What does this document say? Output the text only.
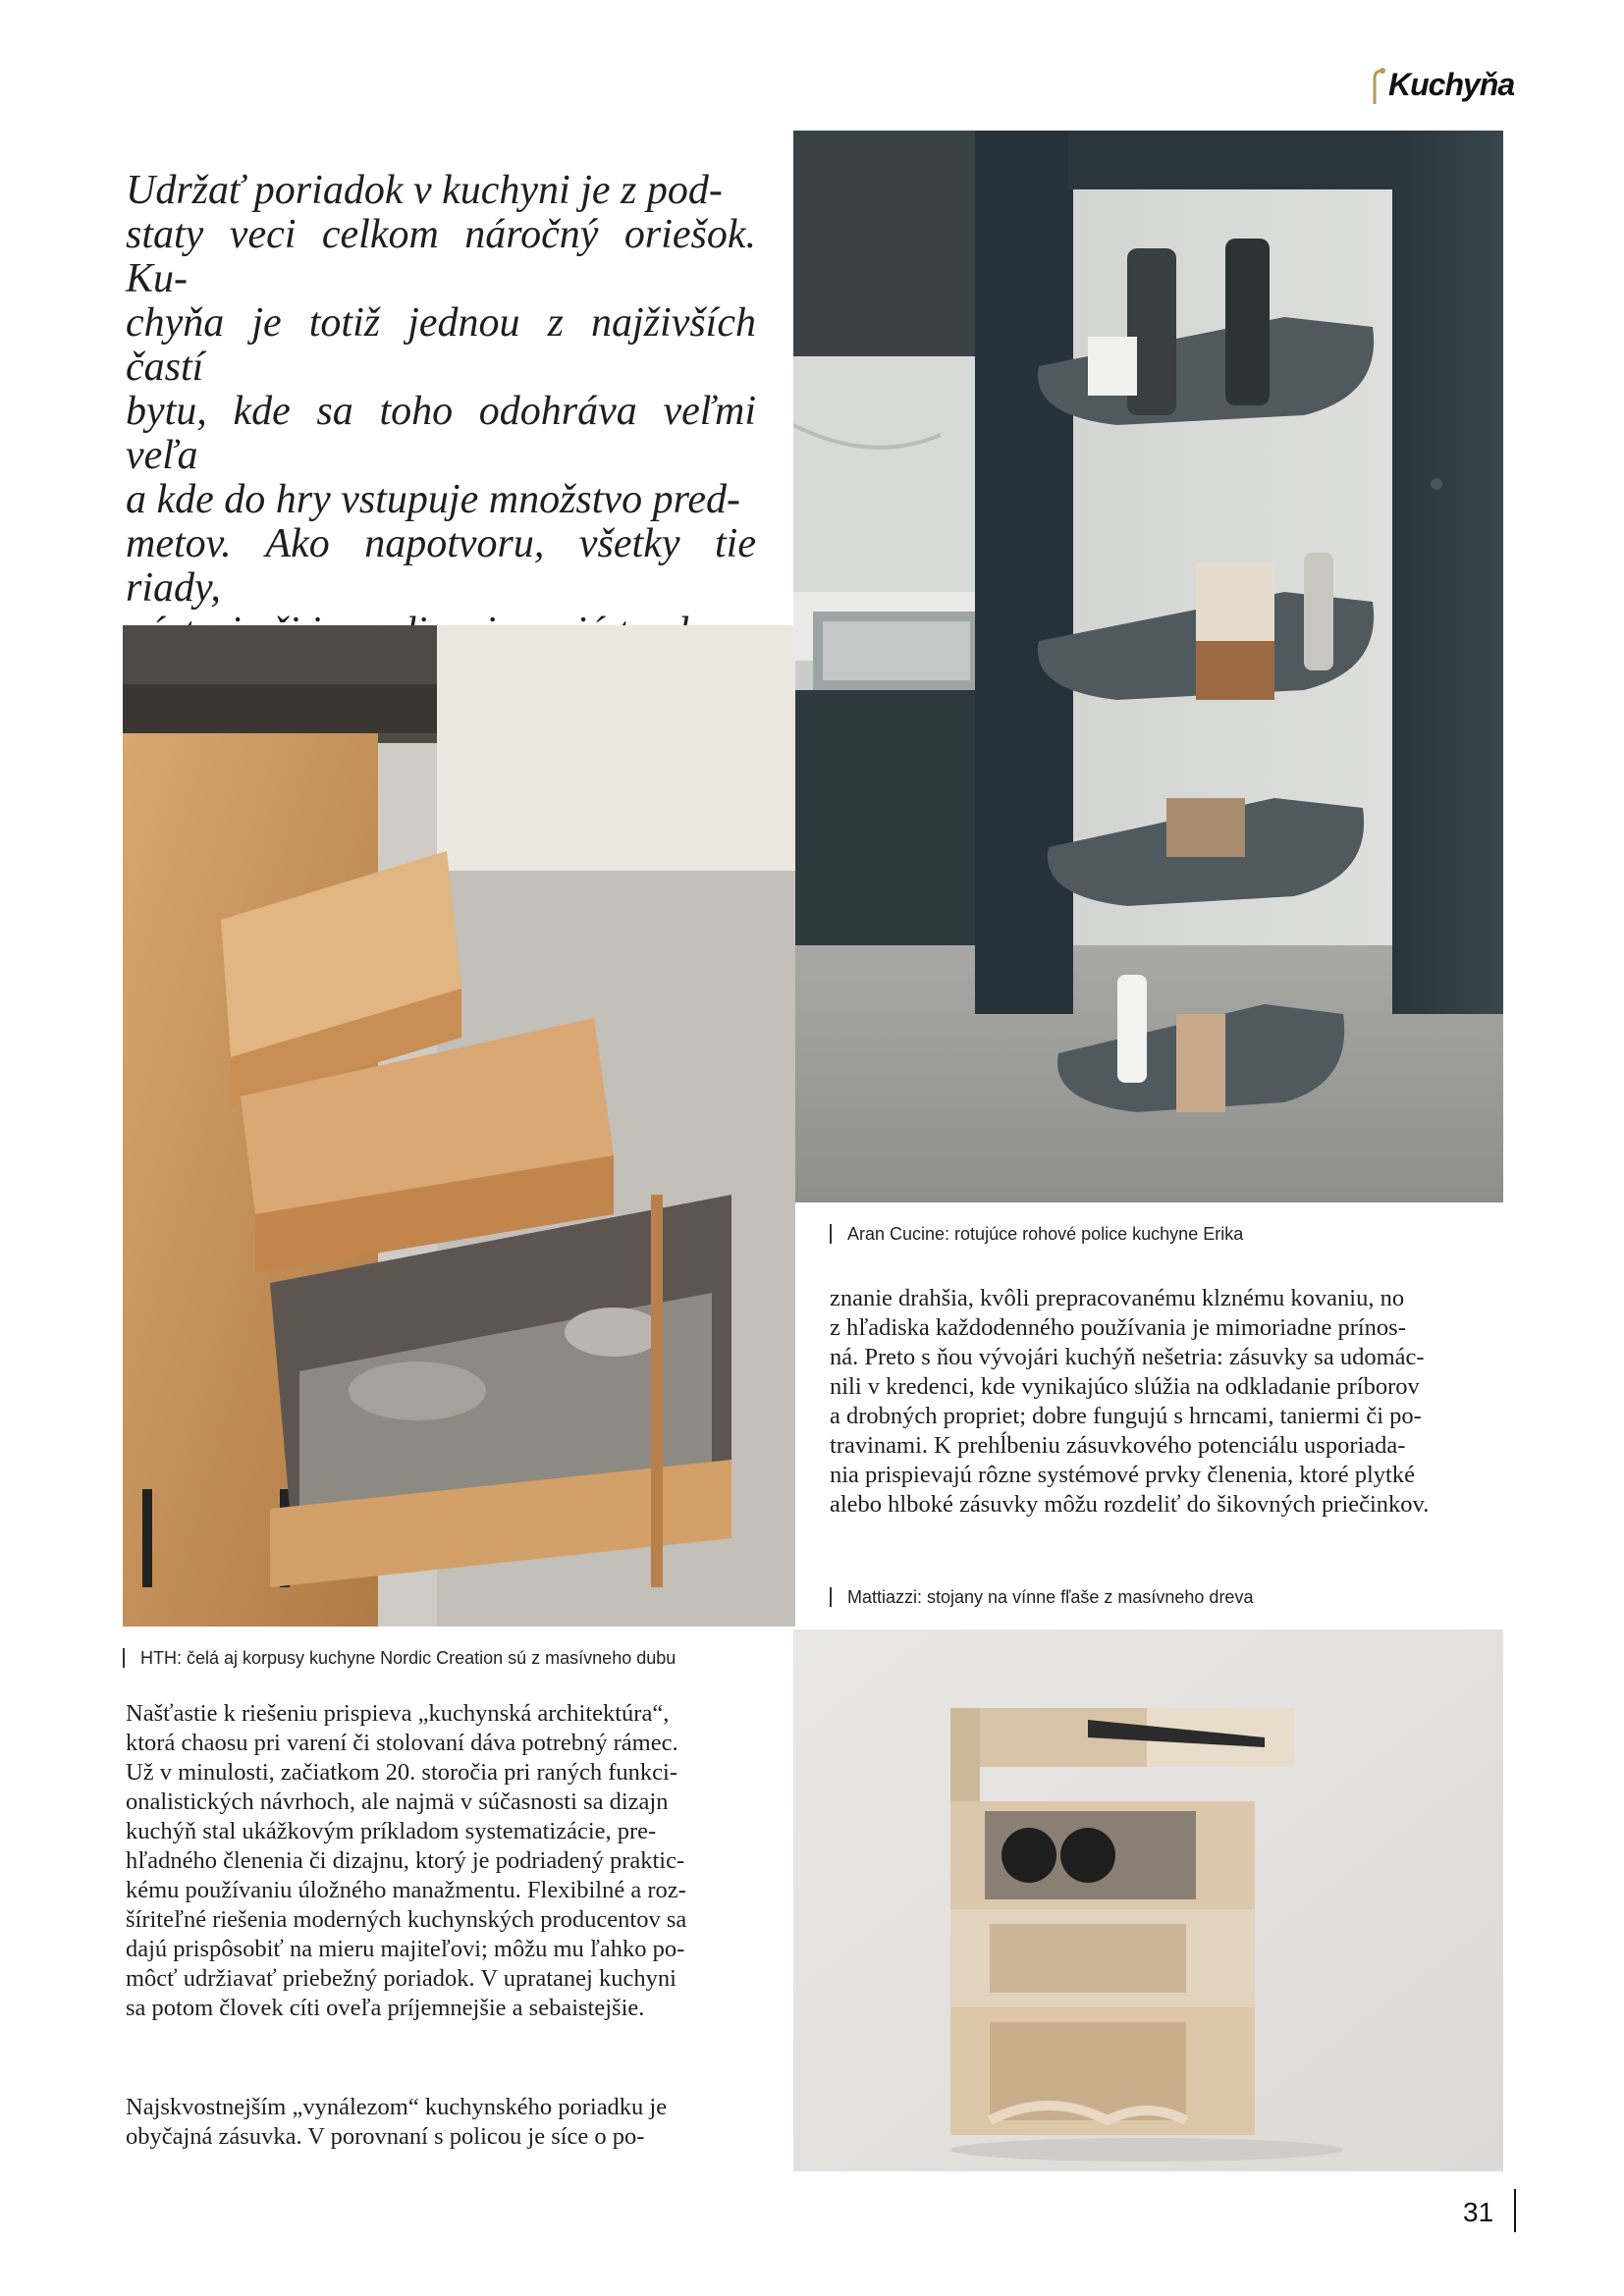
Kuchyňa
Udržať poriadok v kuchyni je z pod-
staty veci celkom náročný oriešok. Ku-
chyňa je totiž jednou z najživších častí
bytu, kde sa toho odohráva veľmi veľa
a kde do hry vstupuje množstvo pred-
metov. Ako napotvoru, všetky tie riady,
Aran Cucine: rotujúce rohové police kuchyne Erika
HTH: čelá aj korpusy kuchyne Nordic Creation sú z masívneho dubu
znanie drahšia, kvôli prepracovanému klznému kovaniu, no
z hľadiska každodenného používania je mimoriadne prínos-
ná. Preto s ňou vývojári kuchýň nešetria: zásuvky sa udomác-
nili v kredenci, kde vynikajúco slúžia na odkladanie príborov
a drobných propriet; dobre fungujú s hrncami, taniermi či po-
travinami. K prehĺbeniu zásuvkového potenciálu usporiada-
nia prispievajú rôzne systémové prvky členenia, ktoré plytké
alebo hlboké zásuvky môžu rozdeliť do šikovných priečinkov.
Mattiazzi: stojany na vínne fľaše z masívneho dreva
Našťastie k riešeniu prispieva „kuchynská architektúra“,
ktorá chaosu pri varení či stolovaní dáva potrebný rámec.
Už v minulosti, začiatkom 20. storočia pri raných funkci-
onalistických návrhoch, ale najmä v súčasnosti sa dizajn
kuchýň stal ukážkovým príkladom systematizácie, pre-
hľadného členenia či dizajnu, ktorý je podriadený praktic-
kému používaniu úložného manažmentu. Flexibilné a roz-
šíriteľné riešenia moderných kuchynských producentov sa
dajú prispôsobiť na mieru majiteľovi; môžu mu ľahko po-
môcť udržiavať priebežný poriadok. V upratanej kuchyni
sa potom človek cíti oveľa príjemnejšie a sebaistejšie.
Najskvostnejším „vynálezom“ kuchynského poriadku je
obyčajná zásuvka. V porovnaní s policou je síce o po-
31
